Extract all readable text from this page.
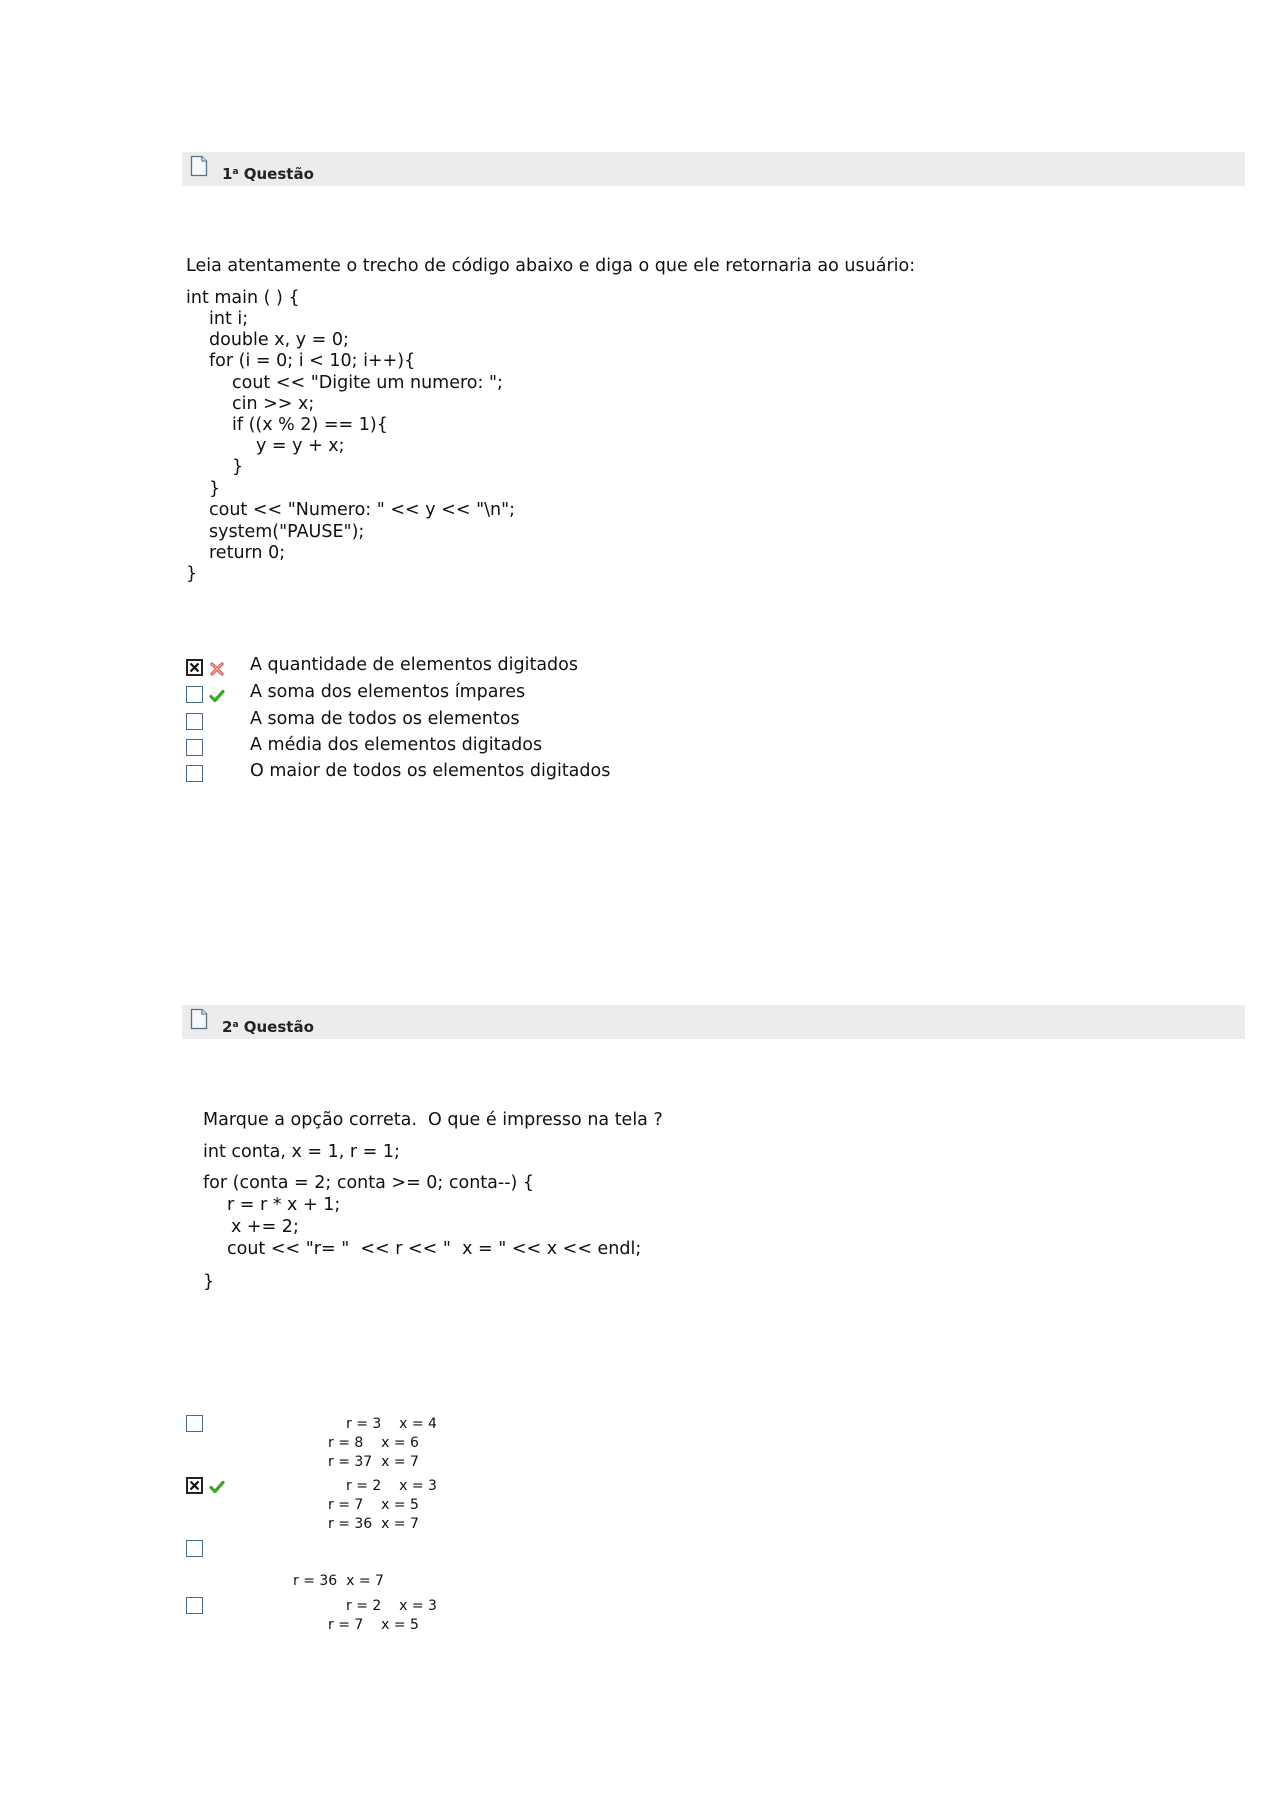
1$^a$ Questão
Leia atentamente o trecho de código abaixo e diga o que ele retornaria ao usuário:
int main ( ) {
int i;
double x, y = 0;
for (i = 0; i < 10; i++){
cout << "Digite um numero: ";
cin >> x;
if ((x % 2) == 1){
y = y + x;
}
}
cout << "Numero: " << y << "\n";
system("PAUSE");
return 0;
}
A quantidade de elementos digitados
A soma dos elementos ímpares
A soma de todos os elementos
A média dos elementos digitados
O maior de todos os elementos digitados
2$^a$ Questão
Marque a opção correta.  O que é impresso na tela ?
int conta, x = 1, r = 1;
for (conta = 2; conta >= 0; conta--) {
r = r * x + 1;
x += 2;
cout << "r= "  << r << "  x = " << x << endl;
}
r = 3    x = 4
r = 8    x = 6
r = 37  x = 7
r = 2    x = 3
r = 7    x = 5
r = 36  x = 7
r = 36  x = 7
r = 2    x = 3
r = 7    x = 5
